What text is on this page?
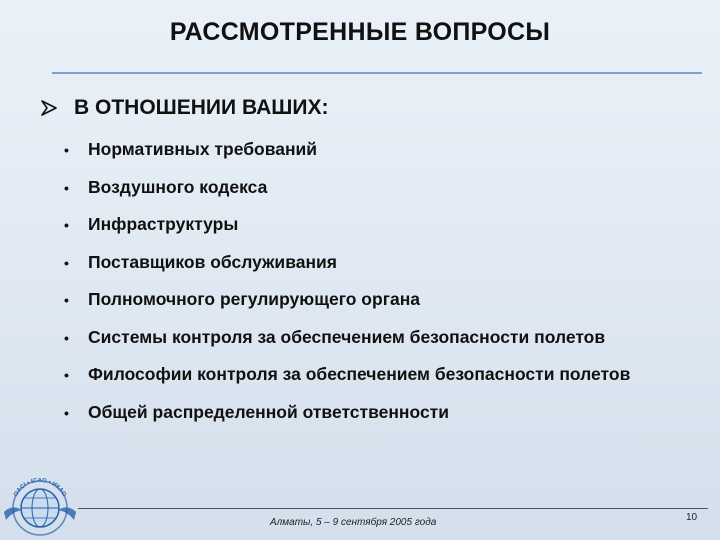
РАССМОТРЕННЫЕ ВОПРОСЫ
В ОТНОШЕНИИ ВАШИХ:
• Нормативных требований
• Воздушного кодекса
• Инфраструктуры
• Поставщиков обслуживания
• Полномочного регулирующего органа
• Системы контроля за обеспечением безопасности полетов
• Философии контроля за обеспечением безопасности полетов
• Общей распределенной ответственности
OACI • ICAO • ИКАО
Алматы, 5 – 9 сентября 2005 года	10
